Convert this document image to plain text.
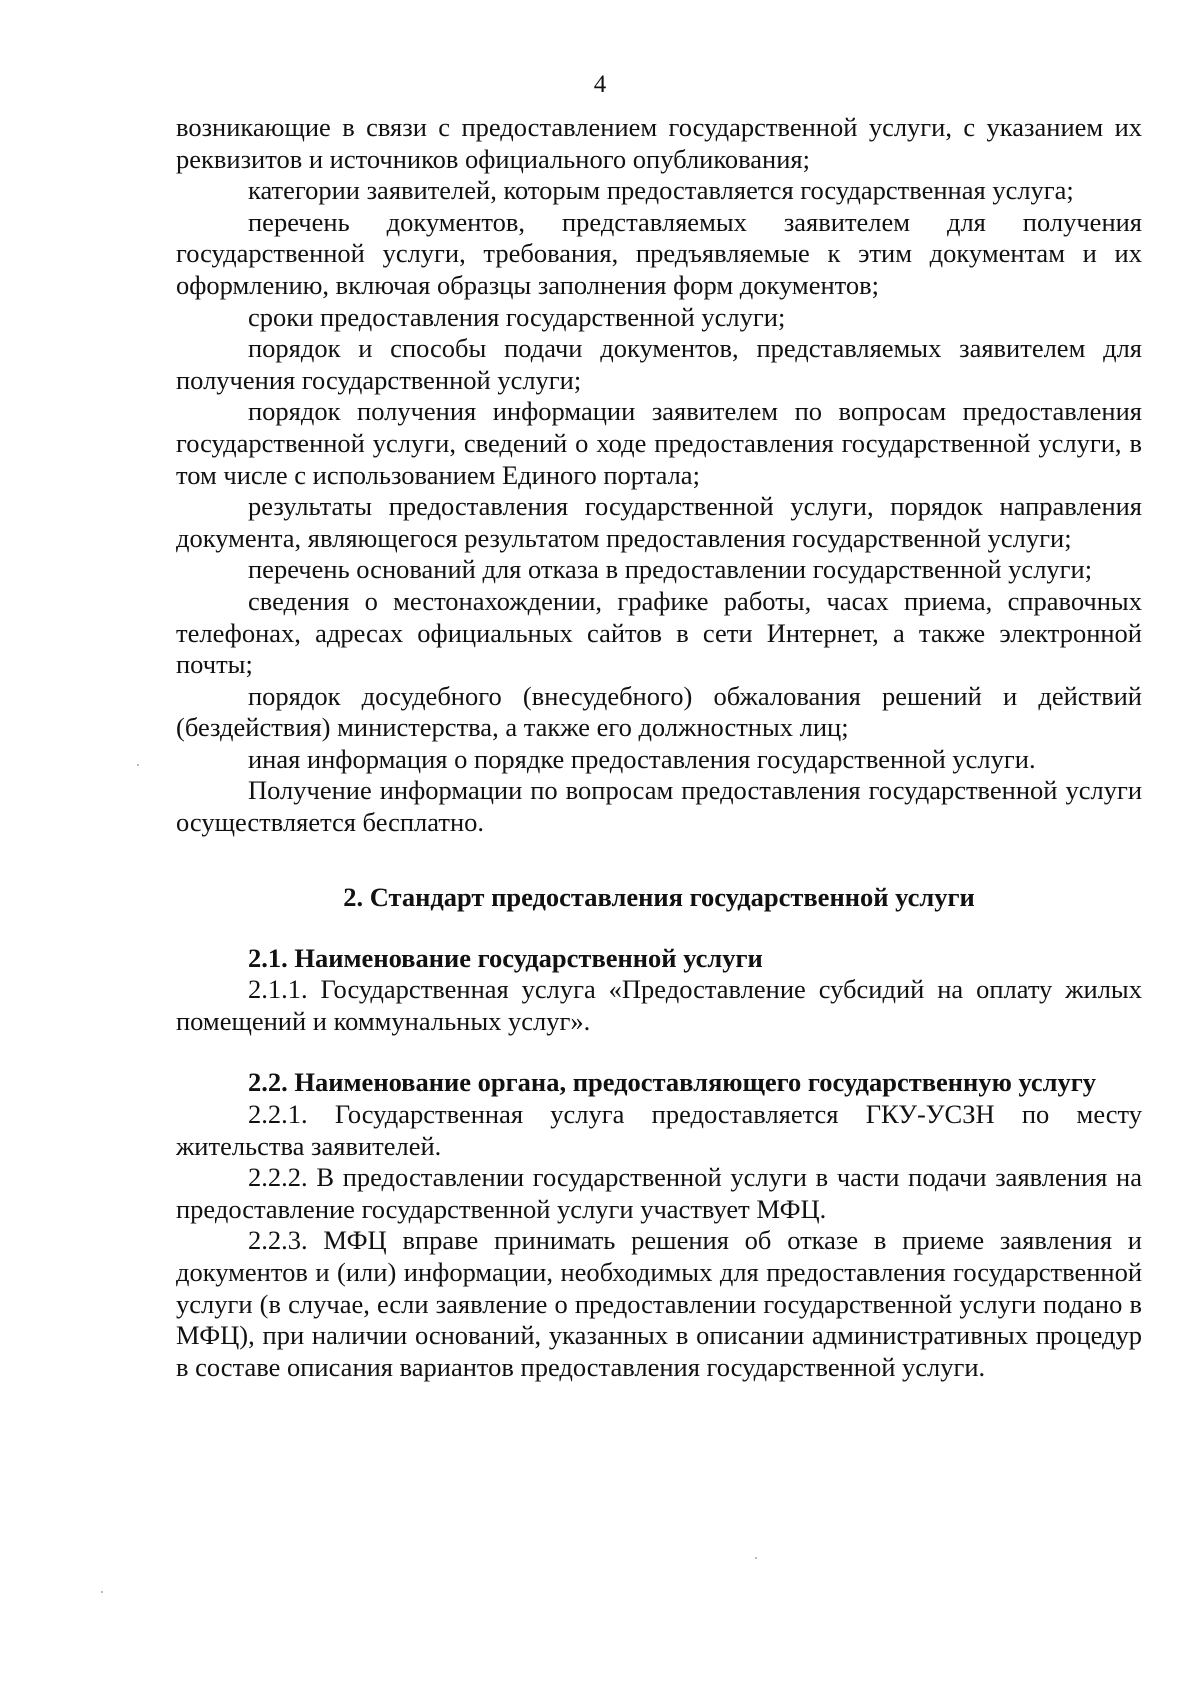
4

возникающие в связи с предоставлением государственной услуги, с указанием их реквизитов и источников официального опубликования;

категории заявителей, которым предоставляется государственная услуга;

перечень документов, представляемых заявителем для получения государственной услуги, требования, предъявляемые к этим документам и их оформлению, включая образцы заполнения форм документов;

сроки предоставления государственной услуги;

порядок и способы подачи документов, представляемых заявителем для получения государственной услуги;

порядок получения информации заявителем по вопросам предоставления государственной услуги, сведений о ходе предоставления государственной услуги, в том числе с использованием Единого портала;

результаты предоставления государственной услуги, порядок направления документа, являющегося результатом предоставления государственной услуги;

перечень оснований для отказа в предоставлении государственной услуги;

сведения о местонахождении, графике работы, часах приема, справочных телефонах, адресах официальных сайтов в сети Интернет, а также электронной почты;

порядок досудебного (внесудебного) обжалования решений и действий (бездействия) министерства, а также его должностных лиц;

иная информация о порядке предоставления государственной услуги.

Получение информации по вопросам предоставления государственной услуги осуществляется бесплатно.

2. Стандарт предоставления государственной услуги

2.1. Наименование государственной услуги

2.1.1. Государственная услуга «Предоставление субсидий на оплату жилых помещений и коммунальных услуг».

2.2. Наименование органа, предоставляющего государственную услугу

2.2.1. Государственная услуга предоставляется ГКУ-УСЗН по месту жительства заявителей.

2.2.2. В предоставлении государственной услуги в части подачи заявления на предоставление государственной услуги участвует МФЦ.

2.2.3. МФЦ вправе принимать решения об отказе в приеме заявления и документов и (или) информации, необходимых для предоставления государственной услуги (в случае, если заявление о предоставлении государственной услуги подано в МФЦ), при наличии оснований, указанных в описании административных процедур в составе описания вариантов предоставления государственной услуги.
